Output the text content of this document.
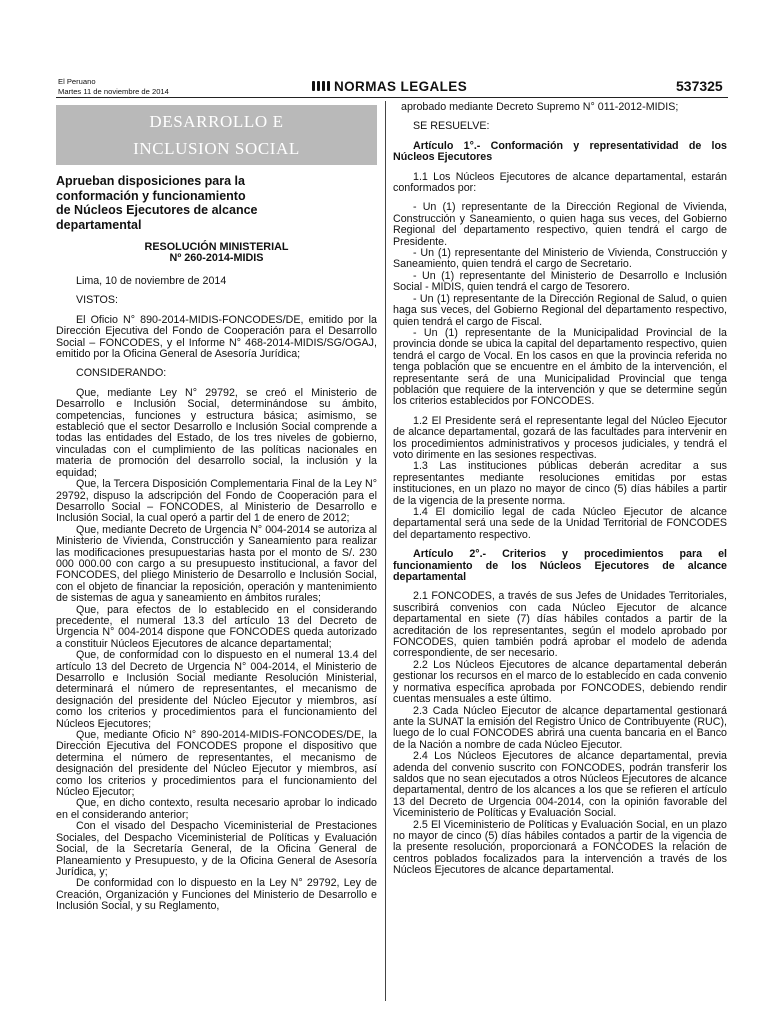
El Peruano
Martes 11 de noviembre de 2014	NORMAS LEGALES	537325
DESARROLLO E
INCLUSION SOCIAL
Aprueban disposiciones para la
conformación y funcionamiento
de Núcleos Ejecutores de alcance
departamental
RESOLUCIÓN MINISTERIAL
Nº 260-2014-MIDIS

Lima, 10 de noviembre de 2014

VISTOS:

El Oficio N° 890-2014-MIDIS-FONCODES/DE, emitido por la Dirección Ejecutiva del Fondo de Cooperación para el Desarrollo Social – FONCODES, y el Informe N° 468-2014-MIDIS/SG/OGAJ, emitido por la Oficina General de Asesoría Jurídica;

CONSIDERANDO:

Que, mediante Ley N° 29792, se creó el Ministerio de Desarrollo e Inclusión Social, determinándose su ámbito, competencias, funciones y estructura básica; asimismo, se estableció que el sector Desarrollo e Inclusión Social comprende a todas las entidades del Estado, de los tres niveles de gobierno, vinculadas con el cumplimiento de las políticas nacionales en materia de promoción del desarrollo social, la inclusión y la equidad;

Que, la Tercera Disposición Complementaria Final de la Ley N° 29792, dispuso la adscripción del Fondo de Cooperación para el Desarrollo Social – FONCODES, al Ministerio de Desarrollo e Inclusión Social, la cual operó a partir del 1 de enero de 2012;

Que, mediante Decreto de Urgencia N° 004-2014 se autoriza al Ministerio de Vivienda, Construcción y Saneamiento para realizar las modificaciones presupuestarias hasta por el monto de S/. 230 000 000.00 con cargo a su presupuesto institucional, a favor del FONCODES, del pliego Ministerio de Desarrollo e Inclusión Social, con el objeto de financiar la reposición, operación y mantenimiento de sistemas de agua y saneamiento en ámbitos rurales;

Que, para efectos de lo establecido en el considerando precedente, el numeral 13.3 del artículo 13 del Decreto de Urgencia N° 004-2014 dispone que FONCODES queda autorizado a constituir Núcleos Ejecutores de alcance departamental;

Que, de conformidad con lo dispuesto en el numeral 13.4 del artículo 13 del Decreto de Urgencia N° 004-2014, el Ministerio de Desarrollo e Inclusión Social mediante Resolución Ministerial, determinará el número de representantes, el mecanismo de designación del presidente del Núcleo Ejecutor y miembros, así como los criterios y procedimientos para el funcionamiento del Núcleos Ejecutores;

Que, mediante Oficio N° 890-2014-MIDIS-FONCODES/DE, la Dirección Ejecutiva del FONCODES propone el dispositivo que determina el número de representantes, el mecanismo de designación del presidente del Núcleo Ejecutor y miembros, así como los criterios y procedimientos para el funcionamiento del Núcleo Ejecutor;

Que, en dicho contexto, resulta necesario aprobar lo indicado en el considerando anterior;

Con el visado del Despacho Viceministerial de Prestaciones Sociales, del Despacho Viceministerial de Políticas y Evaluación Social, de la Secretaría General, de la Oficina General de Planeamiento y Presupuesto, y de la Oficina General de Asesoría Jurídica, y;

De conformidad con lo dispuesto en la Ley N° 29792, Ley de Creación, Organización y Funciones del Ministerio de Desarrollo e Inclusión Social, y su Reglamento,

aprobado mediante Decreto Supremo N° 011-2012-MIDIS;

SE RESUELVE:

Artículo 1°.- Conformación y representatividad de los Núcleos Ejecutores

1.1 Los Núcleos Ejecutores de alcance departamental, estarán conformados por:

- Un (1) representante de la Dirección Regional de Vivienda, Construcción y Saneamiento, o quien haga sus veces, del Gobierno Regional del departamento respectivo, quien tendrá el cargo de Presidente.

- Un (1) representante del Ministerio de Vivienda, Construcción y Saneamiento, quien tendrá el cargo de Secretario.

- Un (1) representante del Ministerio de Desarrollo e Inclusión Social - MIDIS, quien tendrá el cargo de Tesorero.

- Un (1) representante de la Dirección Regional de Salud, o quien haga sus veces, del Gobierno Regional del departamento respectivo, quien tendrá el cargo de Fiscal.

- Un (1) representante de la Municipalidad Provincial de la provincia donde se ubica la capital del departamento respectivo, quien tendrá el cargo de Vocal. En los casos en que la provincia referida no tenga población que se encuentre en el ámbito de la intervención, el representante será de una Municipalidad Provincial que tenga población que requiere de la intervención y que se determine según los criterios establecidos por FONCODES.

1.2 El Presidente será el representante legal del Núcleo Ejecutor de alcance departamental, gozará de las facultades para intervenir en los procedimientos administrativos y procesos judiciales, y tendrá el voto dirimente en las sesiones respectivas.

1.3 Las instituciones públicas deberán acreditar a sus representantes mediante resoluciones emitidas por estas instituciones, en un plazo no mayor de cinco (5) días hábiles a partir de la vigencia de la presente norma.

1.4 El domicilio legal de cada Núcleo Ejecutor de alcance departamental será una sede de la Unidad Territorial de FONCODES del departamento respectivo.

Artículo 2°.- Criterios y procedimientos para el funcionamiento de los Núcleos Ejecutores de alcance departamental

2.1 FONCODES, a través de sus Jefes de Unidades Territoriales, suscribirá convenios con cada Núcleo Ejecutor de alcance departamental en siete (7) días hábiles contados a partir de la acreditación de los representantes, según el modelo aprobado por FONCODES, quien también podrá aprobar el modelo de adenda correspondiente, de ser necesario.

2.2 Los Núcleos Ejecutores de alcance departamental deberán gestionar los recursos en el marco de lo establecido en cada convenio y normativa específica aprobada por FONCODES, debiendo rendir cuentas mensuales a este último.

2.3 Cada Núcleo Ejecutor de alcance departamental gestionará ante la SUNAT la emisión del Registro Único de Contribuyente (RUC), luego de lo cual FONCODES abrirá una cuenta bancaria en el Banco de la Nación a nombre de cada Núcleo Ejecutor.

2.4 Los Núcleos Ejecutores de alcance departamental, previa adenda del convenio suscrito con FONCODES, podrán transferir los saldos que no sean ejecutados a otros Núcleos Ejecutores de alcance departamental, dentro de los alcances a los que se refieren el artículo 13 del Decreto de Urgencia 004-2014, con la opinión favorable del Viceministerio de Políticas y Evaluación Social.

2.5 El Viceministerio de Políticas y Evaluación Social, en un plazo no mayor de cinco (5) días hábiles contados a partir de la vigencia de la presente resolución, proporcionará a FONCODES la relación de centros poblados focalizados para la intervención a través de los Núcleos Ejecutores de alcance departamental.
